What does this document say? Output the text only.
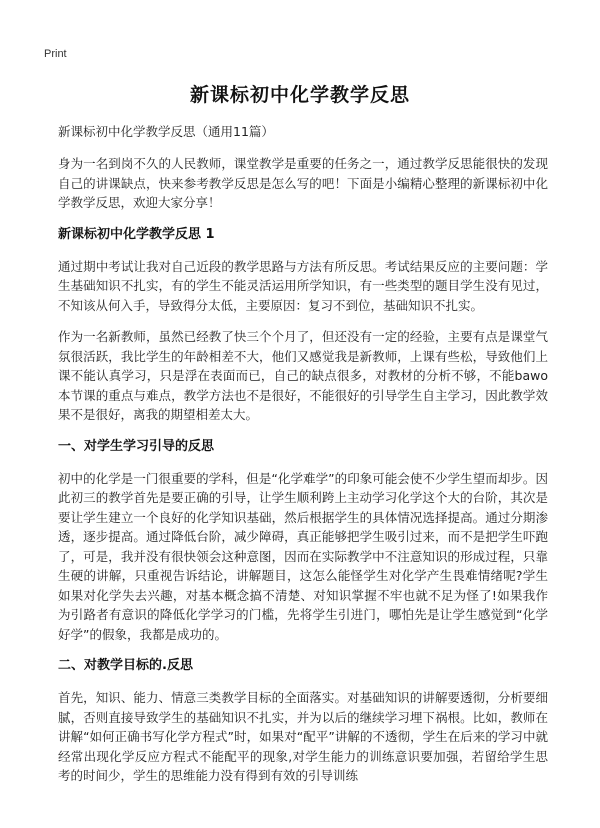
Print
新课标初中化学教学反思
新课标初中化学教学反思（通用11篇）

身为一名到岗不久的人民教师，课堂教学是重要的任务之一，通过教学反思能很快的发现自己的讲课缺点，快来参考教学反思是怎么写的吧！下面是小编精心整理的新课标初中化学教学反思，欢迎大家分享！

新课标初中化学教学反思 1

通过期中考试让我对自己近段的教学思路与方法有所反思。考试结果反应的主要问题：学生基础知识不扎实，有的学生不能灵活运用所学知识，有一些类型的题目学生没有见过，不知该从何入手，导致得分太低，主要原因：复习不到位，基础知识不扎实。

作为一名新教师，虽然已经教了快三个个月了，但还没有一定的经验，主要有点是课堂气氛很活跃，我比学生的年龄相差不大，他们又感觉我是新教师，上课有些松，导致他们上课不能认真学习，只是浮在表面而已，自己的缺点很多，对教材的分析不够，不能bawo本节课的重点与难点，教学方法也不是很好，不能很好的引导学生自主学习，因此教学效果不是很好，离我的期望相差太大。

一、对学生学习引导的反思

初中的化学是一门很重要的学科，但是“化学难学”的印象可能会使不少学生望而却步。因此初三的教学首先是要正确的引导，让学生顺利跨上主动学习化学这个大的台阶，其次是要让学生建立一个良好的化学知识基础，然后根据学生的具体情况选择提高。通过分期渗透，逐步提高。通过降低台阶，减少障碍，真正能够把学生吸引过来，而不是把学生吓跑了，可是，我并没有很快领会这种意图，因而在实际教学中不注意知识的形成过程，只靠生硬的讲解，只重视告诉结论，讲解题目，这怎么能怪学生对化学产生畏难情绪呢?学生如果对化学失去兴趣，对基本概念搞不清楚、对知识掌握不牢也就不足为怪了!如果我作为引路者有意识的降低化学学习的门槛，先将学生引进门，哪怕先是让学生感觉到“化学好学”的假象，我都是成功的。

二、对教学目标的.反思

首先，知识、能力、情意三类教学目标的全面落实。对基础知识的讲解要透彻，分析要细腻，否则直接导致学生的基础知识不扎实，并为以后的继续学习埋下祸根。比如，教师在讲解“如何正确书写化学方程式”时，如果对“配平”讲解的不透彻，学生在后来的学习中就经常出现化学反应方程式不能配平的现象,对学生能力的训练意识要加强，若留给学生思考的时间少，学生的思维能力没有得到有效的引导训练
